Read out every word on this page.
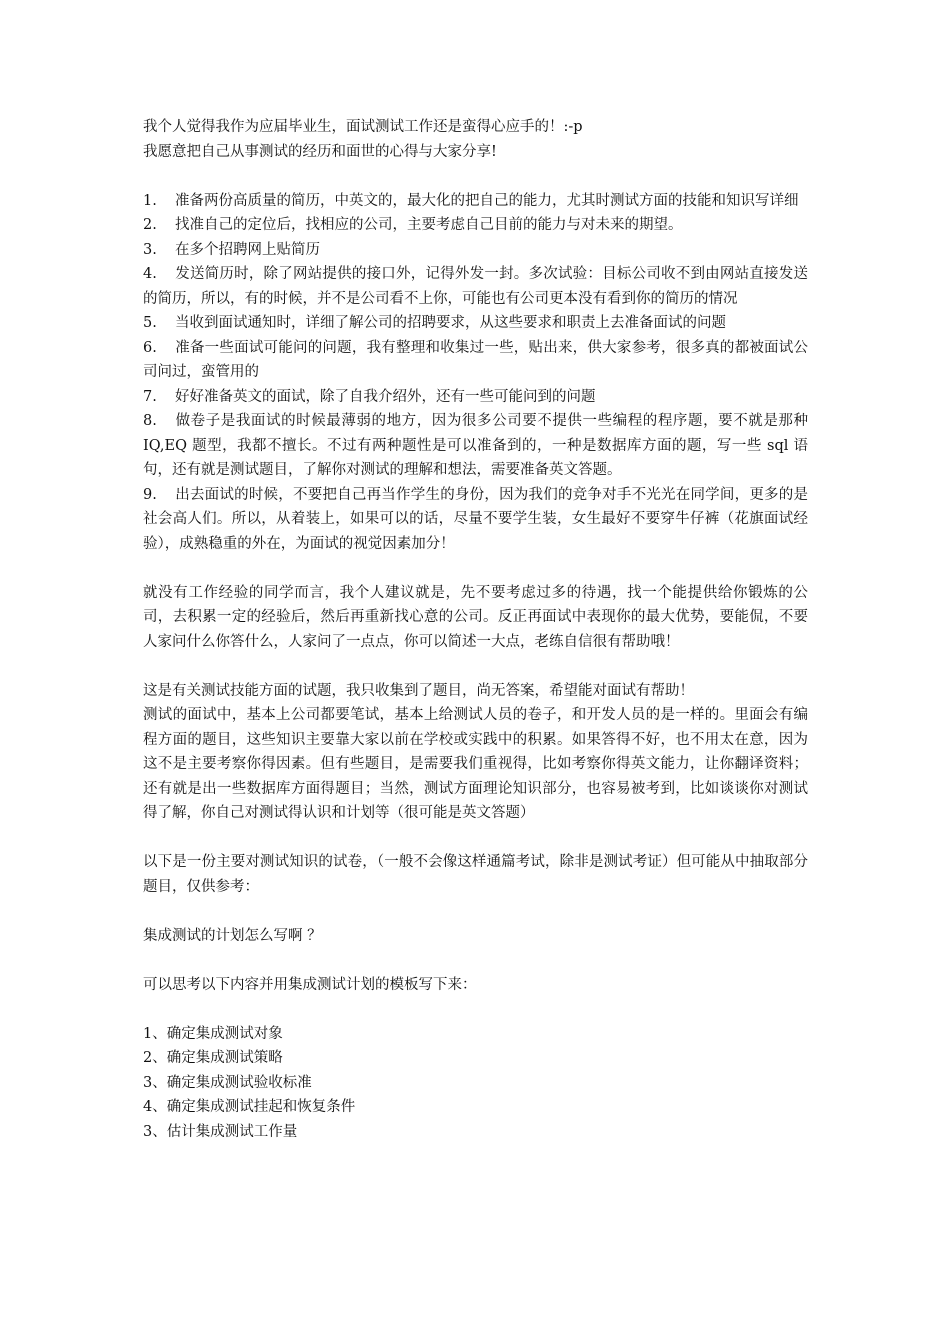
我个人觉得我作为应届毕业生，面试测试工作还是蛮得心应手的！:-p

我愿意把自己从事测试的经历和面世的心得与大家分享!

1. 准备两份高质量的简历，中英文的，最大化的把自己的能力，尤其时测试方面的技能和知识写详细

2. 找准自己的定位后，找相应的公司，主要考虑自己目前的能力与对未来的期望。

3. 在多个招聘网上贴简历

4. 发送简历时，除了网站提供的接口外，记得外发一封。多次试验：目标公司收不到由网站直接发送的简历，所以，有的时候，并不是公司看不上你，可能也有公司更本没有看到你的简历的情况

5. 当收到面试通知时，详细了解公司的招聘要求，从这些要求和职责上去准备面试的问题

6. 准备一些面试可能问的问题，我有整理和收集过一些，贴出来，供大家参考，很多真的都被面试公司问过，蛮管用的

7. 好好准备英文的面试，除了自我介绍外，还有一些可能问到的问题

8. 做卷子是我面试的时候最薄弱的地方，因为很多公司要不提供一些编程的程序题，要不就是那种 IQ,EQ 题型，我都不擅长。不过有两种题性是可以准备到的，一种是数据库方面的题，写一些 sql 语句，还有就是测试题目，了解你对测试的理解和想法，需要准备英文答题。

9. 出去面试的时候，不要把自己再当作学生的身份，因为我们的竞争对手不光光在同学间，更多的是社会高人们。所以，从着装上，如果可以的话，尽量不要学生装，女生最好不要穿牛仔裤（花旗面试经验），成熟稳重的外在，为面试的视觉因素加分！

就没有工作经验的同学而言，我个人建议就是，先不要考虑过多的待遇，找一个能提供给你锻炼的公司，去积累一定的经验后，然后再重新找心意的公司。反正再面试中表现你的最大优势，要能侃，不要人家问什么你答什么，人家问了一点点，你可以简述一大点，老练自信很有帮助哦！

这是有关测试技能方面的试题，我只收集到了题目，尚无答案，希望能对面试有帮助！

测试的面试中，基本上公司都要笔试，基本上给测试人员的卷子，和开发人员的是一样的。里面会有编程方面的题目，这些知识主要靠大家以前在学校或实践中的积累。如果答得不好，也不用太在意，因为这不是主要考察你得因素。但有些题目，是需要我们重视得，比如考察你得英文能力，让你翻译资料；还有就是出一些数据库方面得题目；当然，测试方面理论知识部分，也容易被考到，比如谈谈你对测试得了解，你自己对测试得认识和计划等（很可能是英文答题）

以下是一份主要对测试知识的试卷，（一般不会像这样通篇考试，除非是测试考证）但可能从中抽取部分题目，仅供参考：

集成测试的计划怎么写啊 ？

可以思考以下内容并用集成测试计划的模板写下来：

1、确定集成测试对象

2、确定集成测试策略

3、确定集成测试验收标准

4、确定集成测试挂起和恢复条件

3、估计集成测试工作量
